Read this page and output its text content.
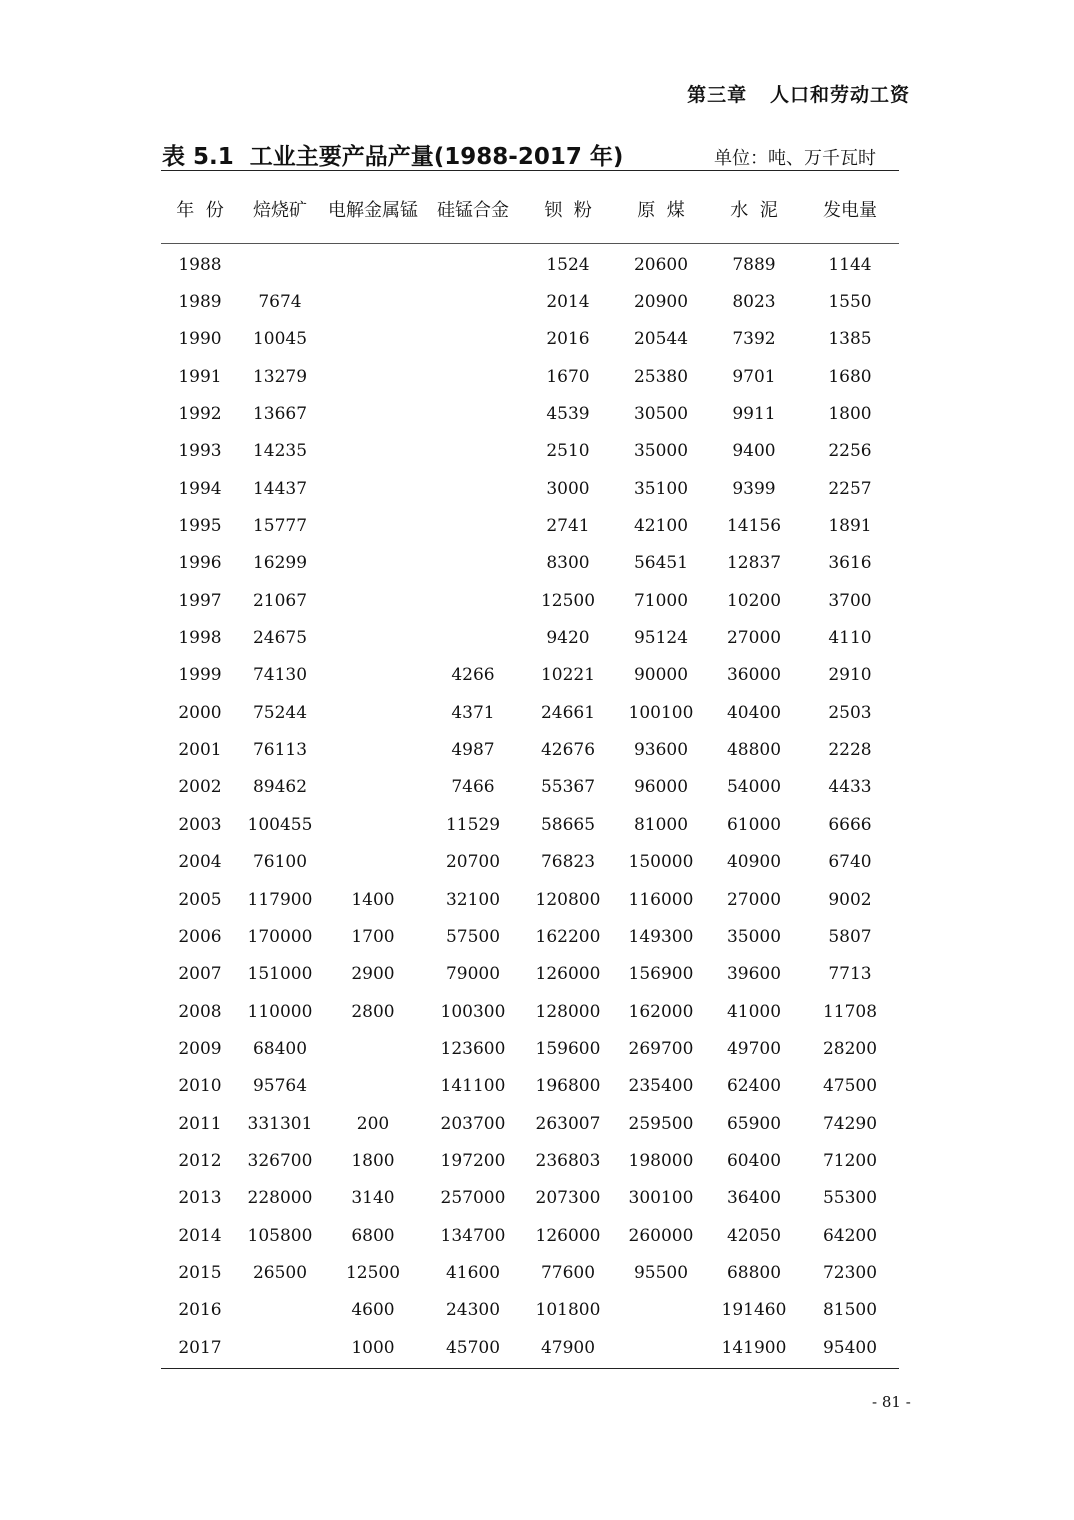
第三章   人口和劳动工资
表 5.1  工业主要产品产量(1988-2017 年)	单位：吨、万千瓦时
年  份	焙烧矿	电解金属锰	硅锰合金	钡  粉	原  煤	水  泥	发电量

1988				1524	20600	7889	1144
1989	7674			2014	20900	8023	1550
1990	10045			2016	20544	7392	1385
1991	13279			1670	25380	9701	1680
1992	13667			4539	30500	9911	1800
1993	14235			2510	35000	9400	2256
1994	14437			3000	35100	9399	2257
1995	15777			2741	42100	14156	1891
1996	16299			8300	56451	12837	3616
1997	21067			12500	71000	10200	3700
1998	24675			9420	95124	27000	4110
1999	74130		4266	10221	90000	36000	2910
2000	75244		4371	24661	100100	40400	2503
2001	76113		4987	42676	93600	48800	2228
2002	89462		7466	55367	96000	54000	4433
2003	100455		11529	58665	81000	61000	6666
2004	76100		20700	76823	150000	40900	6740
2005	117900	1400	32100	120800	116000	27000	9002
2006	170000	1700	57500	162200	149300	35000	5807
2007	151000	2900	79000	126000	156900	39600	7713
2008	110000	2800	100300	128000	162000	41000	11708
2009	68400		123600	159600	269700	49700	28200
2010	95764		141100	196800	235400	62400	47500
2011	331301	200	203700	263007	259500	65900	74290
2012	326700	1800	197200	236803	198000	60400	71200
2013	228000	3140	257000	207300	300100	36400	55300
2014	105800	6800	134700	126000	260000	42050	64200
2015	26500	12500	41600	77600	95500	68800	72300
2016		4600	24300	101800		191460	81500
2017		1000	45700	47900		141900	95400
- 81 -
